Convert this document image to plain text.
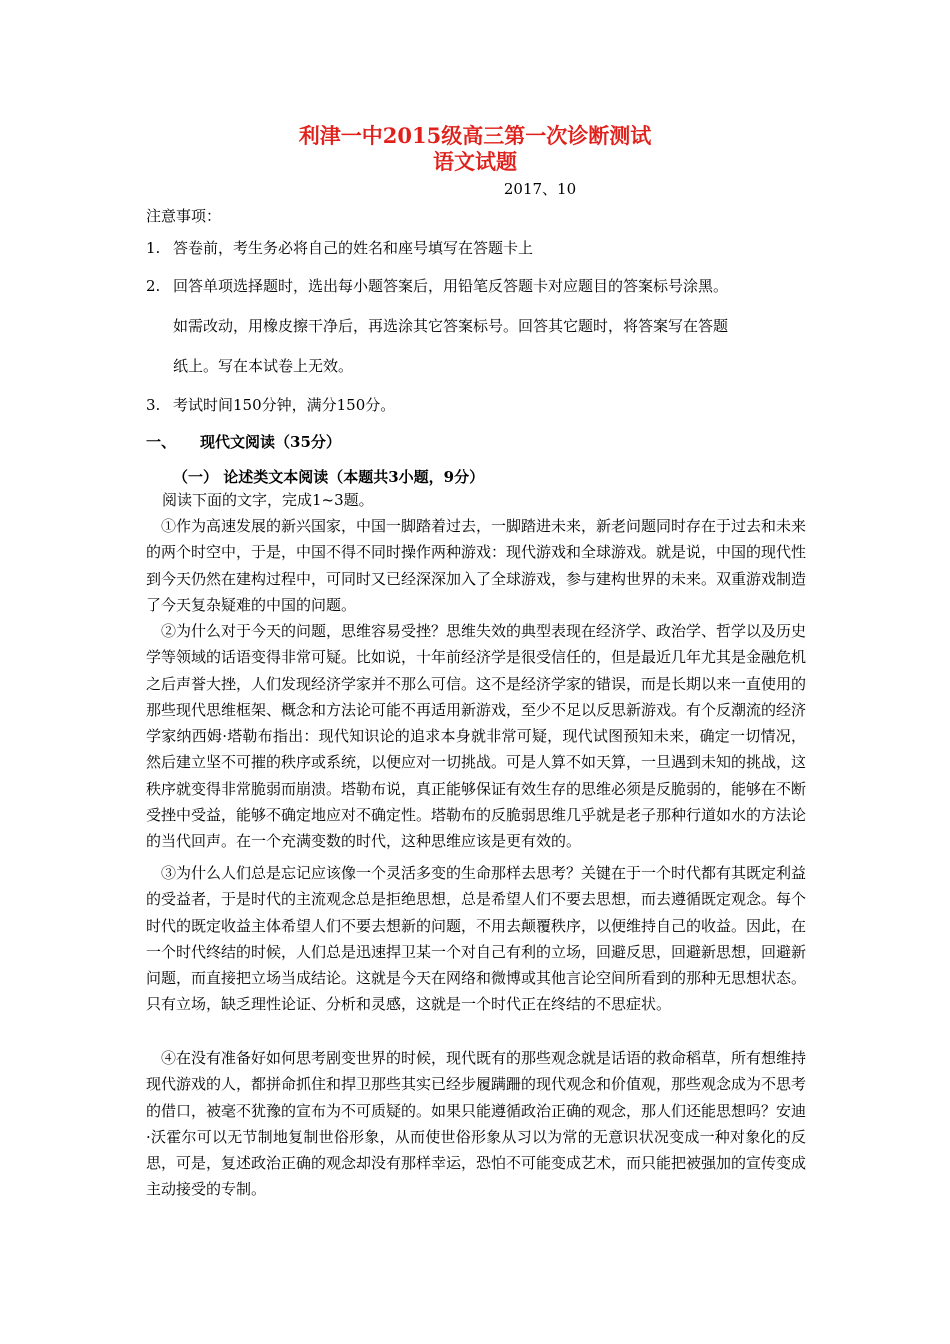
利津一中2015级高三第一次诊断测试
语文试题
2017、10
注意事项：
1. 答卷前，考生务必将自己的姓名和座号填写在答题卡上
2. 回答单项选择题时，选出每小题答案后，用铅笔反答题卡对应题目的答案标号涂黑。
如需改动，用橡皮擦干净后，再选涂其它答案标号。回答其它题时，将答案写在答题
纸上。写在本试卷上无效。
3. 考试时间150分钟，满分150分。
一、 现代文阅读（35分）
（一） 论述类文本阅读（本题共3小题，9分）
阅读下面的文字，完成1~3题。
①作为高速发展的新兴国家，中国一脚踏着过去，一脚踏进未来，新老问题同时存在于过去和未来的两个时空中，于是，中国不得不同时操作两种游戏：现代游戏和全球游戏。就是说，中国的现代性到今天仍然在建构过程中，可同时又已经深深加入了全球游戏，参与建构世界的未来。双重游戏制造了今天复杂疑难的中国的问题。
②为什么对于今天的问题，思维容易受挫？思维失效的典型表现在经济学、政治学、哲学以及历史学等领域的话语变得非常可疑。比如说，十年前经济学是很受信任的，但是最近几年尤其是金融危机之后声誉大挫，人们发现经济学家并不那么可信。这不是经济学家的错误，而是长期以来一直使用的那些现代思维框架、概念和方法论可能不再适用新游戏，至少不足以反思新游戏。有个反潮流的经济学家纳西姆·塔勒布指出：现代知识论的追求本身就非常可疑，现代试图预知未来，确定一切情况，然后建立坚不可摧的秩序或系统，以便应对一切挑战。可是人算不如天算，一旦遇到未知的挑战，这秩序就变得非常脆弱而崩溃。塔勒布说，真正能够保证有效生存的思维必须是反脆弱的，能够在不断受挫中受益，能够不确定地应对不确定性。塔勒布的反脆弱思维几乎就是老子那种行道如水的方法论的当代回声。在一个充满变数的时代，这种思维应该是更有效的。
③为什么人们总是忘记应该像一个灵活多变的生命那样去思考？关键在于一个时代都有其既定利益的受益者，于是时代的主流观念总是拒绝思想，总是希望人们不要去思想，而去遵循既定观念。每个时代的既定收益主体希望人们不要去想新的问题，不用去颠覆秩序，以便维持自己的收益。因此，在一个时代终结的时候，人们总是迅速捍卫某一个对自己有利的立场，回避反思，回避新思想，回避新问题，而直接把立场当成结论。这就是今天在网络和微博或其他言论空间所看到的那种无思想状态。只有立场，缺乏理性论证、分析和灵感，这就是一个时代正在终结的不思症状。
④在没有准备好如何思考剧变世界的时候，现代既有的那些观念就是话语的救命稻草，所有想维持现代游戏的人，都拼命抓住和捍卫那些其实已经步履蹒跚的现代观念和价值观，那些观念成为不思考的借口，被毫不犹豫的宣布为不可质疑的。如果只能遵循政治正确的观念，那人们还能思想吗？安迪·沃霍尔可以无节制地复制世俗形象，从而使世俗形象从习以为常的无意识状况变成一种对象化的反思，可是，复述政治正确的观念却没有那样幸运，恐怕不可能变成艺术，而只能把被强加的宣传变成主动接受的专制。
